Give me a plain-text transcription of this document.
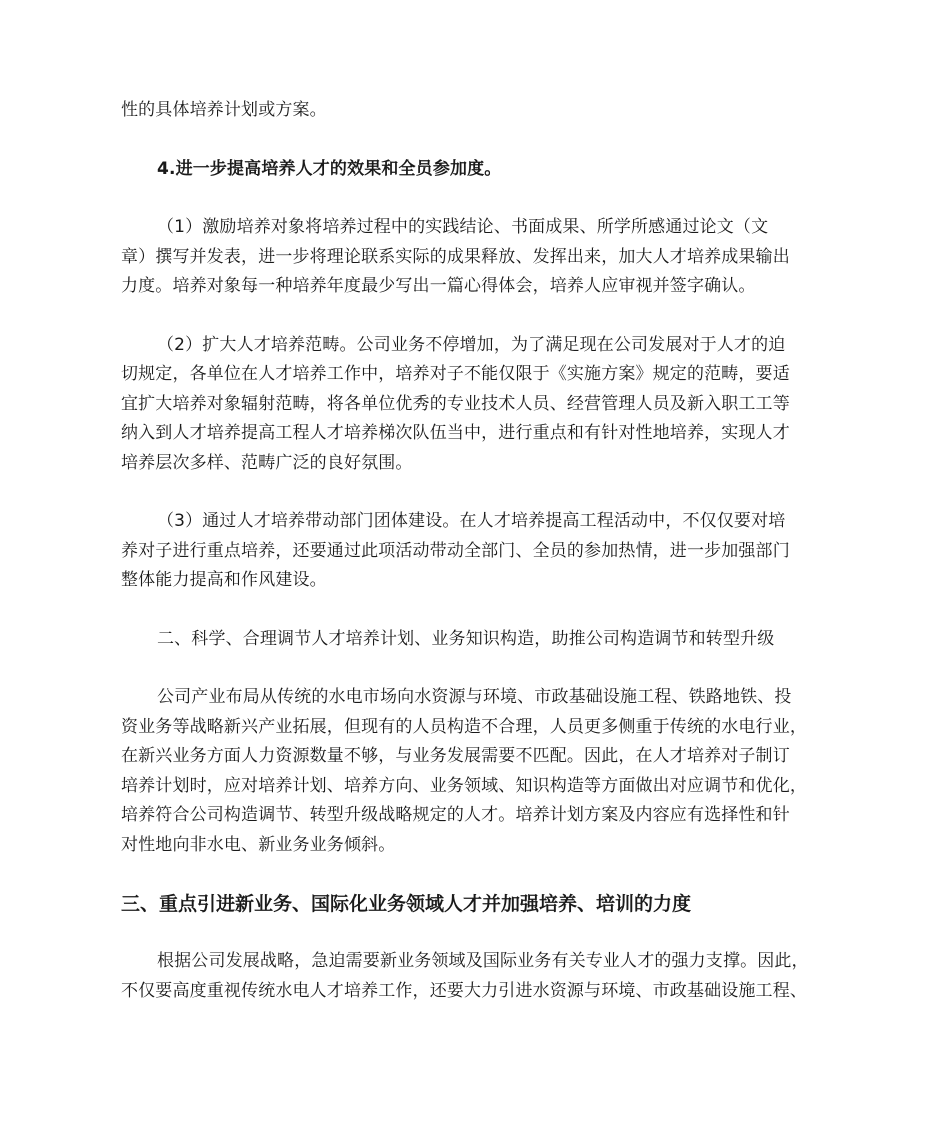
性的具体培养计划或方案。
4.进一步提高培养人才的效果和全员参加度。
（1）激励培养对象将培养过程中的实践结论、书面成果、所学所感通过论文（文
章）撰写并发表，进一步将理论联系实际的成果释放、发挥出来，加大人才培养成果输出
力度。培养对象每一种培养年度最少写出一篇心得体会，培养人应审视并签字确认。
（2）扩大人才培养范畴。公司业务不停增加，为了满足现在公司发展对于人才的迫
切规定，各单位在人才培养工作中，培养对子不能仅限于《实施方案》规定的范畴，要适
宜扩大培养对象辐射范畴，将各单位优秀的专业技术人员、经营管理人员及新入职工工等
纳入到人才培养提高工程人才培养梯次队伍当中，进行重点和有针对性地培养，实现人才
培养层次多样、范畴广泛的良好氛围。
（3）通过人才培养带动部门团体建设。在人才培养提高工程活动中，不仅仅要对培
养对子进行重点培养，还要通过此项活动带动全部门、全员的参加热情，进一步加强部门
整体能力提高和作风建设。
二、科学、合理调节人才培养计划、业务知识构造，助推公司构造调节和转型升级
公司产业布局从传统的水电市场向水资源与环境、市政基础设施工程、铁路地铁、投
资业务等战略新兴产业拓展，但现有的人员构造不合理，人员更多侧重于传统的水电行业，
在新兴业务方面人力资源数量不够，与业务发展需要不匹配。因此，在人才培养对子制订
培养计划时，应对培养计划、培养方向、业务领域、知识构造等方面做出对应调节和优化，
培养符合公司构造调节、转型升级战略规定的人才。培养计划方案及内容应有选择性和针
对性地向非水电、新业务业务倾斜。
三、重点引进新业务、国际化业务领域人才并加强培养、培训的力度
根据公司发展战略，急迫需要新业务领域及国际业务有关专业人才的强力支撑。因此，
不仅要高度重视传统水电人才培养工作，还要大力引进水资源与环境、市政基础设施工程、
